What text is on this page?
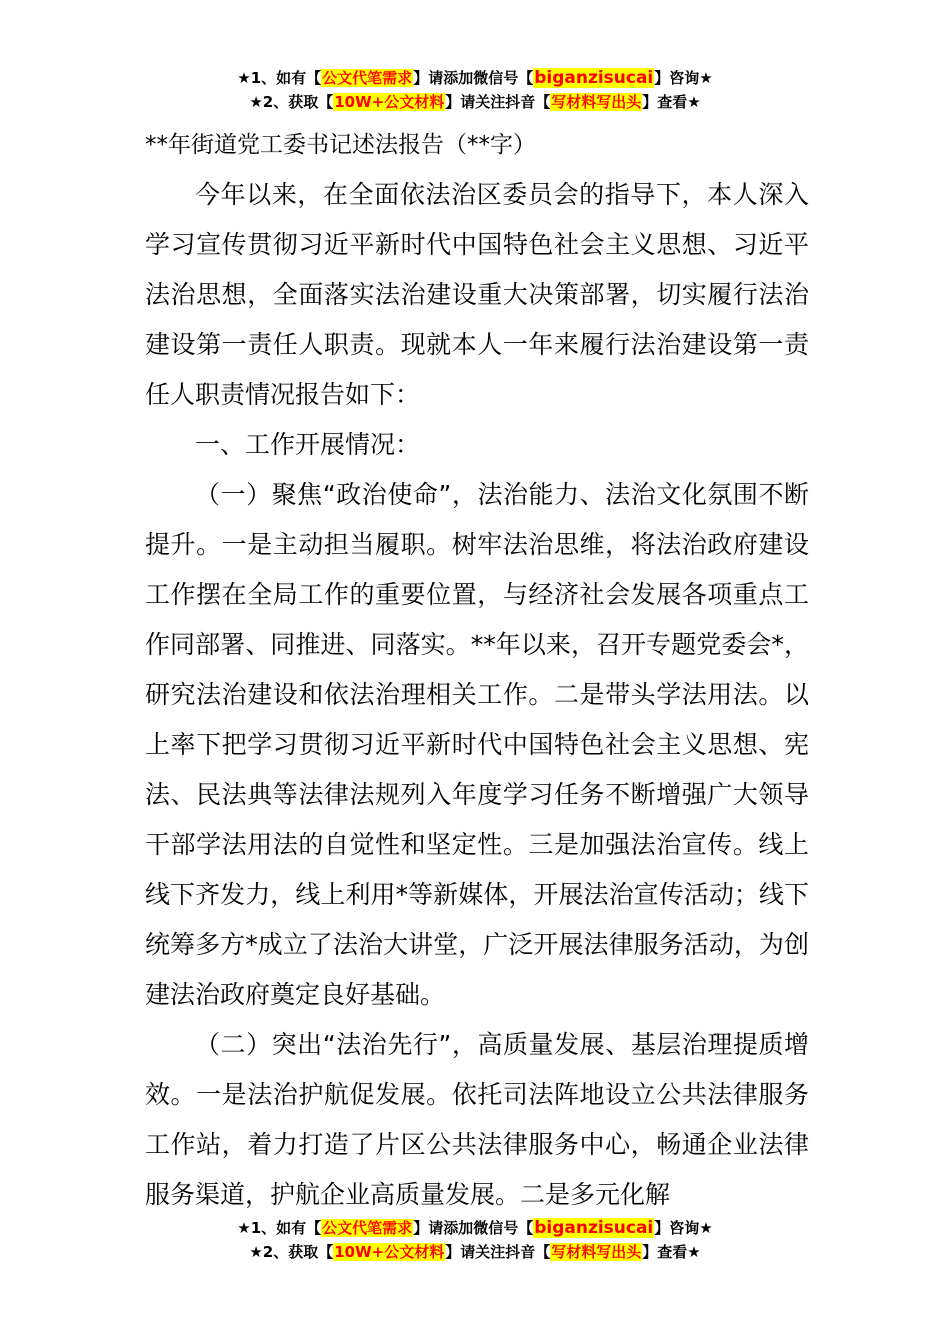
★1、如有【公文代笔需求】请添加微信号【biganzisucai】咨询★
★2、获取【10W+公文材料】请关注抖音【写材料写出头】查看★
**年街道党工委书记述法报告（**字）

今年以来，在全面依法治区委员会的指导下，本人深入学习宣传贯彻习近平新时代中国特色社会主义思想、习近平法治思想，全面落实法治建设重大决策部署，切实履行法治建设第一责任人职责。现就本人一年来履行法治建设第一责任人职责情况报告如下：

一、工作开展情况：

（一）聚焦“政治使命”，法治能力、法治文化氛围不断提升。一是主动担当履职。树牢法治思维，将法治政府建设工作摆在全局工作的重要位置，与经济社会发展各项重点工作同部署、同推进、同落实。**年以来，召开专题党委会*，研究法治建设和依法治理相关工作。二是带头学法用法。以上率下把学习贯彻习近平新时代中国特色社会主义思想、宪法、民法典等法律法规列入年度学习任务不断增强广大领导干部学法用法的自觉性和坚定性。三是加强法治宣传。线上线下齐发力，线上利用*等新媒体，开展法治宣传活动；线下统筹多方*成立了法治大讲堂，广泛开展法律服务活动，为创建法治政府奠定良好基础。

（二）突出“法治先行”，高质量发展、基层治理提质增效。一是法治护航促发展。依托司法阵地设立公共法律服务工作站，着力打造了片区公共法律服务中心，畅通企业法律服务渠道，护航企业高质量发展。二是多元化解

★1、如有【公文代笔需求】请添加微信号【biganzisucai】咨询★
★2、获取【10W+公文材料】请关注抖音【写材料写出头】查看★
